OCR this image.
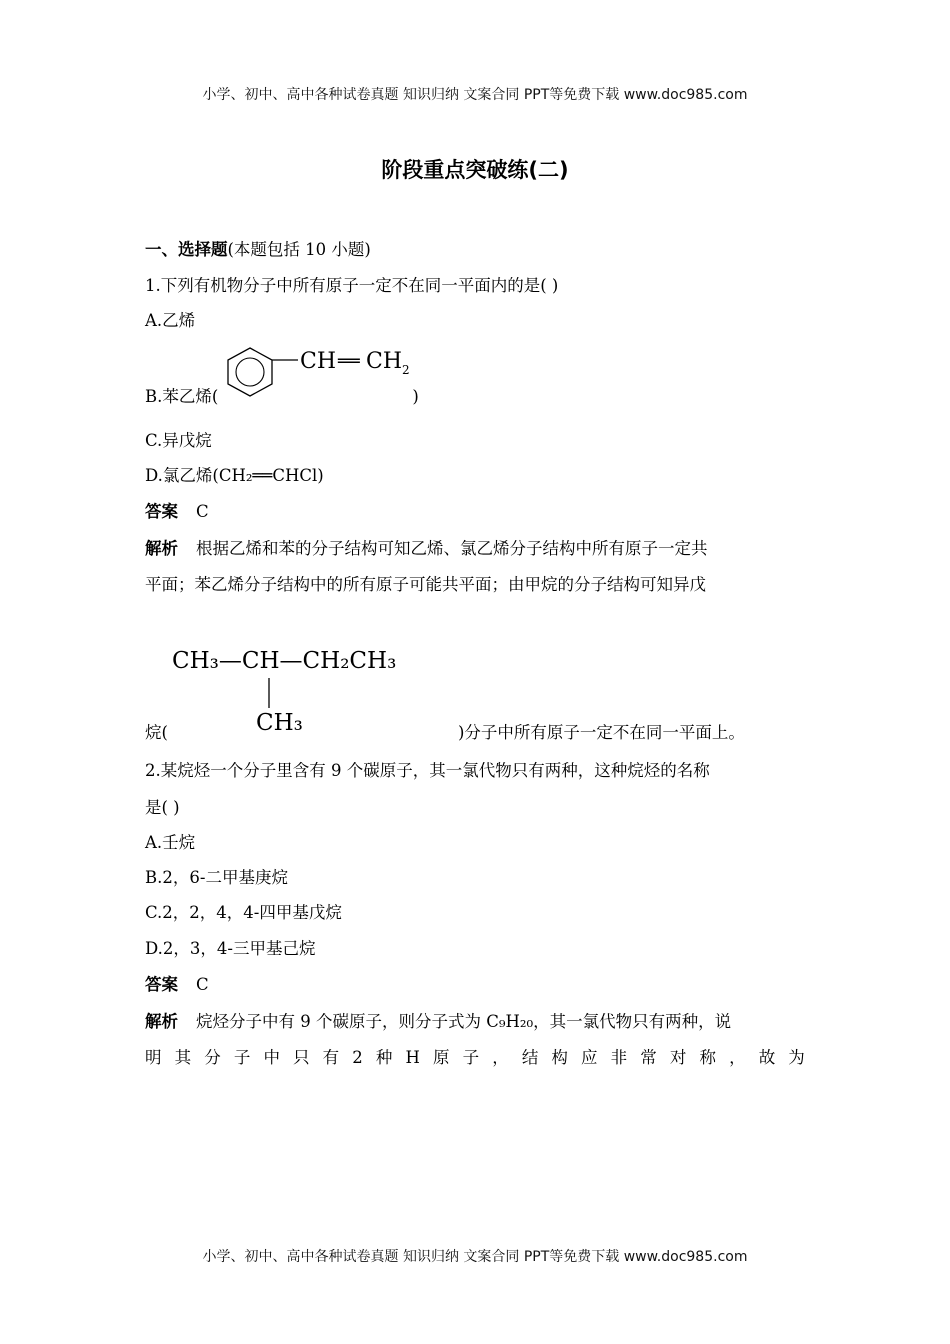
小学、初中、高中各种试卷真题 知识归纳 文案合同 PPT等免费下载 www.doc985.com
阶段重点突破练(二)
一、选择题(本题包括 10 小题)
1.下列有机物分子中所有原子一定不在同一平面内的是( )
A.乙烯
CH ══ CH 2
B.苯乙烯(	)
C.异戊烷
D.氯乙烯(CH₂══CHCl)
答案 C
解析 根据乙烯和苯的分子结构可知乙烯、氯乙烯分子结构中所有原子一定共
平面；苯乙烯分子结构中的所有原子可能共平面；由甲烷的分子结构可知异戊
CH₃—CH—CH₂CH₃
CH₃
烷(	)分子中所有原子一定不在同一平面上。
2.某烷烃一个分子里含有 9 个碳原子，其一氯代物只有两种，这种烷烃的名称
是( )
A.壬烷
B.2，6-二甲基庚烷
C.2，2，4，4-四甲基戊烷
D.2，3，4-三甲基己烷
答案 C
解析 烷烃分子中有 9 个碳原子，则分子式为 C₉H₂₀，其一氯代物只有两种，说
明 其 分 子 中 只 有 2 种 H 原 子 ， 结 构 应 非 常 对 称 ， 故 为
小学、初中、高中各种试卷真题 知识归纳 文案合同 PPT等免费下载 www.doc985.com
